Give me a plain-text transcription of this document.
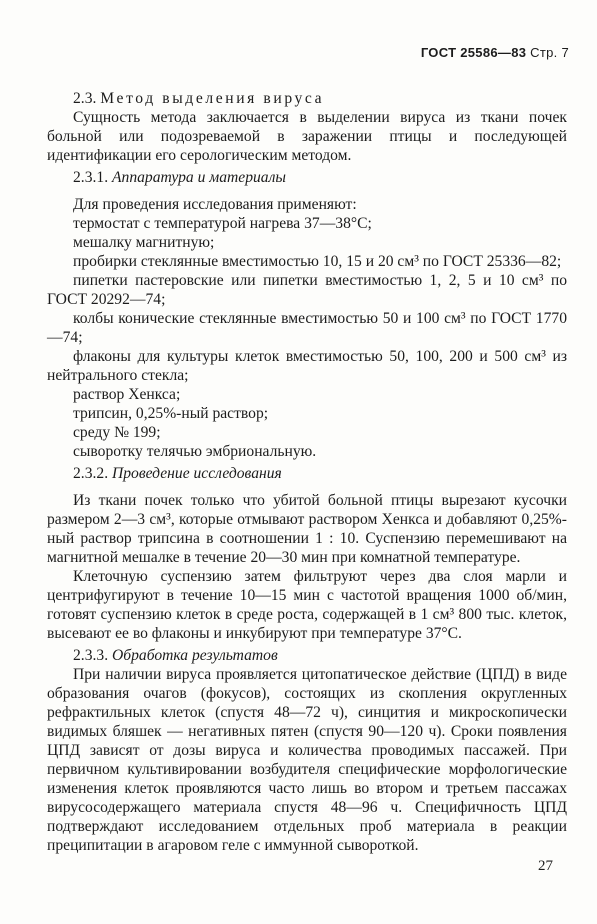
ГОСТ 25586—83 Стр. 7

2.3. Метод выделения вируса

Сущность метода заключается в выделении вируса из ткани почек больной или подозреваемой в заражении птицы и последующей идентификации его серологическим методом.

2.3.1. Аппаратура и материалы

Для проведения исследования применяют:

термостат с температурой нагрева 37—38°С;

мешалку магнитную;

пробирки стеклянные вместимостью 10, 15 и 20 см³ по ГОСТ 25336—82;

пипетки пастеровские или пипетки вместимостью 1, 2, 5 и 10 см³ по ГОСТ 20292—74;

колбы конические стеклянные вместимостью 50 и 100 см³ по ГОСТ 1770—74;

флаконы для культуры клеток вместимостью 50, 100, 200 и 500 см³ из нейтрального стекла;

раствор Хенкса;

трипсин, 0,25%-ный раствор;

среду № 199;

сыворотку телячью эмбриональную.

2.3.2. Проведение исследования

Из ткани почек только что убитой больной птицы вырезают кусочки размером 2—3 см³, которые отмывают раствором Хенкса и добавляют 0,25%-ный раствор трипсина в соотношении 1 : 10. Суспензию перемешивают на магнитной мешалке в течение 20—30 мин при комнатной температуре.

Клеточную суспензию затем фильтруют через два слоя марли и центрифугируют в течение 10—15 мин с частотой вращения 1000 об/мин, готовят суспензию клеток в среде роста, содержащей в 1 см³ 800 тыс. клеток, высевают ее во флаконы и инкубируют при температуре 37°С.

2.3.3. Обработка результатов

При наличии вируса проявляется цитопатическое действие (ЦПД) в виде образования очагов (фокусов), состоящих из скопления округленных рефрактильных клеток (спустя 48—72 ч), синцития и микроскопически видимых бляшек — негативных пятен (спустя 90—120 ч). Сроки появления ЦПД зависят от дозы вируса и количества проводимых пассажей. При первичном культивировании возбудителя специфические морфологические изменения клеток проявляются часто лишь во втором и третьем пассажах вирусосодержащего материала спустя 48—96 ч. Специфичность ЦПД подтверждают исследованием отдельных проб материала в реакции преципитации в агаровом геле с иммунной сывороткой.

27
